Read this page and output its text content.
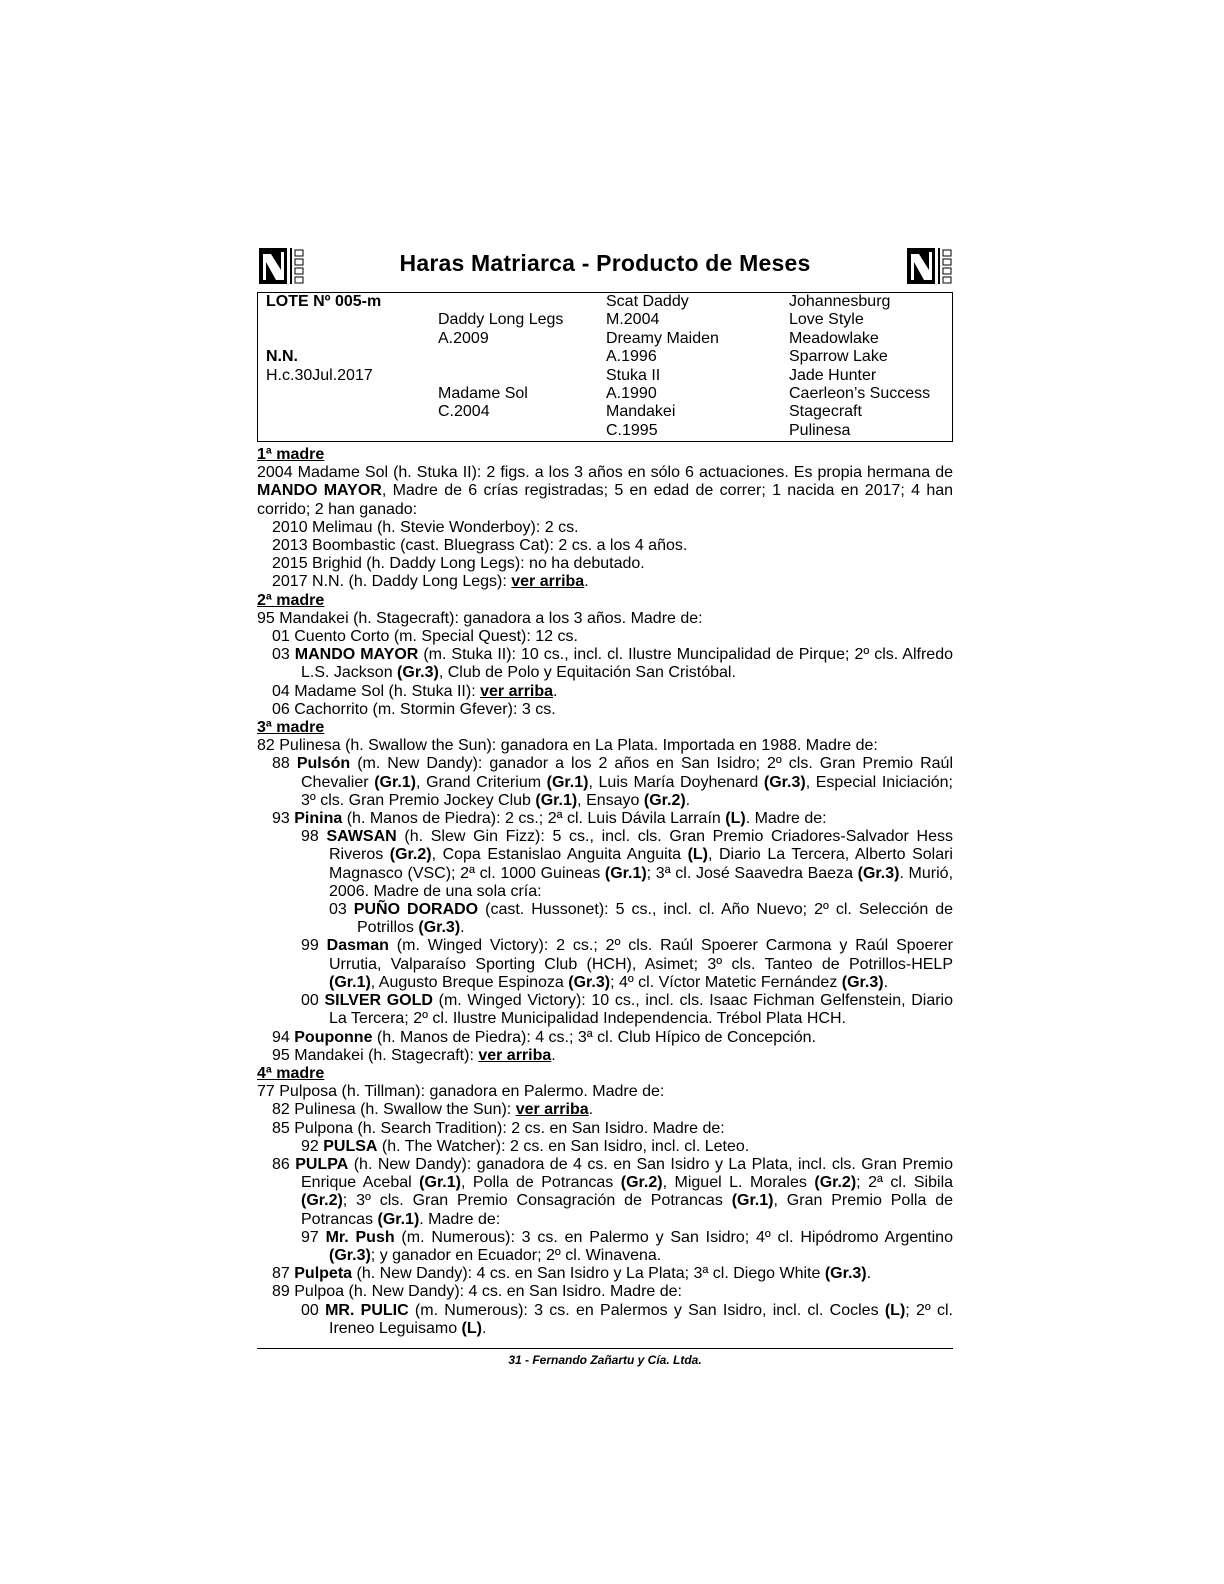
Haras Matriarca - Producto de Meses
LOTE Nº 005-m
N.N.
H.c.30Jul.2017
Daddy Long Legs
A.2009
Madame Sol
C.2004
Scat Daddy
M.2004
Dreamy Maiden
A.1996
Stuka II
A.1990
Mandakei
C.1995
Johannesburg
Love Style
Meadowlake
Sparrow Lake
Jade Hunter
Caerleon’s Success
Stagecraft
Pulinesa

1ª madre

2004 Madame Sol (h. Stuka II): 2 figs. a los 3 años en sólo 6 actuaciones. Es propia hermana de MANDO MAYOR, Madre de 6 crías registradas; 5 en edad de correr; 1 nacida en 2017; 4 han corrido; 2 han ganado:

2010 Melimau (h. Stevie Wonderboy): 2 cs.

2013 Boombastic (cast. Bluegrass Cat): 2 cs. a los 4 años.

2015 Brighid (h. Daddy Long Legs): no ha debutado.

2017 N.N. (h. Daddy Long Legs): ver arriba.

2ª madre

95 Mandakei (h. Stagecraft): ganadora a los 3 años. Madre de:

01 Cuento Corto (m. Special Quest): 12 cs.

03 MANDO MAYOR (m. Stuka II): 10 cs., incl. cl. Ilustre Muncipalidad de Pirque; 2º cls. Alfredo L.S. Jackson (Gr.3), Club de Polo y Equitación San Cristóbal.

04 Madame Sol (h. Stuka II): ver arriba.

06 Cachorrito (m. Stormin Gfever): 3 cs.

3ª madre

82 Pulinesa (h. Swallow the Sun): ganadora en La Plata. Importada en 1988. Madre de:

88 Pulsón (m. New Dandy): ganador a los 2 años en San Isidro; 2º cls. Gran Premio Raúl Chevalier (Gr.1), Grand Criterium (Gr.1), Luis María Doyhenard (Gr.3), Especial Iniciación; 3º cls. Gran Premio Jockey Club (Gr.1), Ensayo (Gr.2).

93 Pinina (h. Manos de Piedra): 2 cs.; 2ª cl. Luis Dávila Larraín (L). Madre de:

98 SAWSAN (h. Slew Gin Fizz): 5 cs., incl. cls. Gran Premio Criadores-Salvador Hess Riveros (Gr.2), Copa Estanislao Anguita Anguita (L), Diario La Tercera, Alberto Solari Magnasco (VSC); 2ª cl. 1000 Guineas (Gr.1); 3ª cl. José Saavedra Baeza (Gr.3). Murió, 2006. Madre de una sola cría:

03 PUÑO DORADO (cast. Hussonet): 5 cs., incl. cl. Año Nuevo; 2º cl. Selección de Potrillos (Gr.3).

99 Dasman (m. Winged Victory): 2 cs.; 2º cls. Raúl Spoerer Carmona y Raúl Spoerer Urrutia, Valparaíso Sporting Club (HCH), Asimet; 3º cls. Tanteo de Potrillos-HELP (Gr.1), Augusto Breque Espinoza (Gr.3); 4º cl. Víctor Matetic Fernández (Gr.3).

00 SILVER GOLD (m. Winged Victory): 10 cs., incl. cls. Isaac Fichman Gelfenstein, Diario La Tercera; 2º cl. Ilustre Municipalidad Independencia. Trébol Plata HCH.

94 Pouponne (h. Manos de Piedra): 4 cs.; 3ª cl. Club Hípico de Concepción.

95 Mandakei (h. Stagecraft): ver arriba.

4ª madre

77 Pulposa (h. Tillman): ganadora en Palermo. Madre de:

82 Pulinesa (h. Swallow the Sun): ver arriba.

85 Pulpona (h. Search Tradition): 2 cs. en San Isidro. Madre de:

92 PULSA (h. The Watcher): 2 cs. en San Isidro, incl. cl. Leteo.

86 PULPA (h. New Dandy): ganadora de 4 cs. en San Isidro y La Plata, incl. cls. Gran Premio Enrique Acebal (Gr.1), Polla de Potrancas (Gr.2), Miguel L. Morales (Gr.2); 2ª cl. Sibila (Gr.2); 3º cls. Gran Premio Consagración de Potrancas (Gr.1), Gran Premio Polla de Potrancas (Gr.1). Madre de:

97 Mr. Push (m. Numerous): 3 cs. en Palermo y San Isidro; 4º cl. Hipódromo Argentino (Gr.3); y ganador en Ecuador; 2º cl. Winavena.

87 Pulpeta (h. New Dandy): 4 cs. en San Isidro y La Plata; 3ª cl. Diego White (Gr.3).

89 Pulpoa (h. New Dandy): 4 cs. en San Isidro. Madre de:

00 MR. PULIC (m. Numerous): 3 cs. en Palermos y San Isidro, incl. cl. Cocles (L); 2º cl. Ireneo Leguisamo (L).

31 - Fernando Zañartu y Cía. Ltda.
